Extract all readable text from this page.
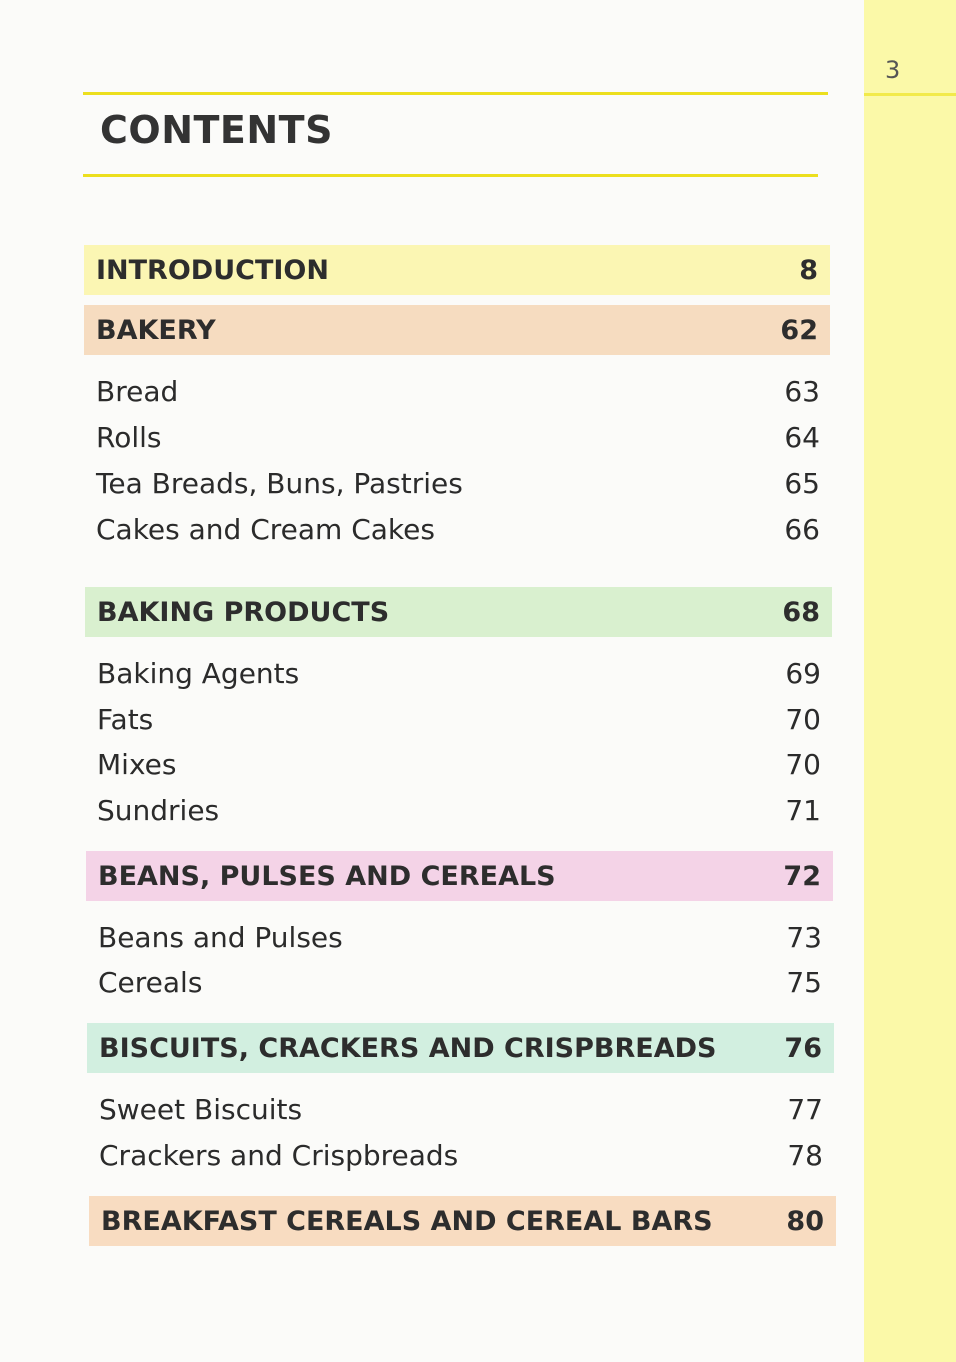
3
CONTENTS
INTRODUCTION	8
BAKERY	62
Bread	63
Rolls	64
Tea Breads, Buns, Pastries	65
Cakes and Cream Cakes	66
BAKING PRODUCTS	68
Baking Agents	69
Fats	70
Mixes	70
Sundries	71
BEANS, PULSES AND CEREALS	72
Beans and Pulses	73
Cereals	75
BISCUITS, CRACKERS AND CRISPBREADS	76
Sweet Biscuits	77
Crackers and Crispbreads	78
BREAKFAST CEREALS AND CEREAL BARS	80
